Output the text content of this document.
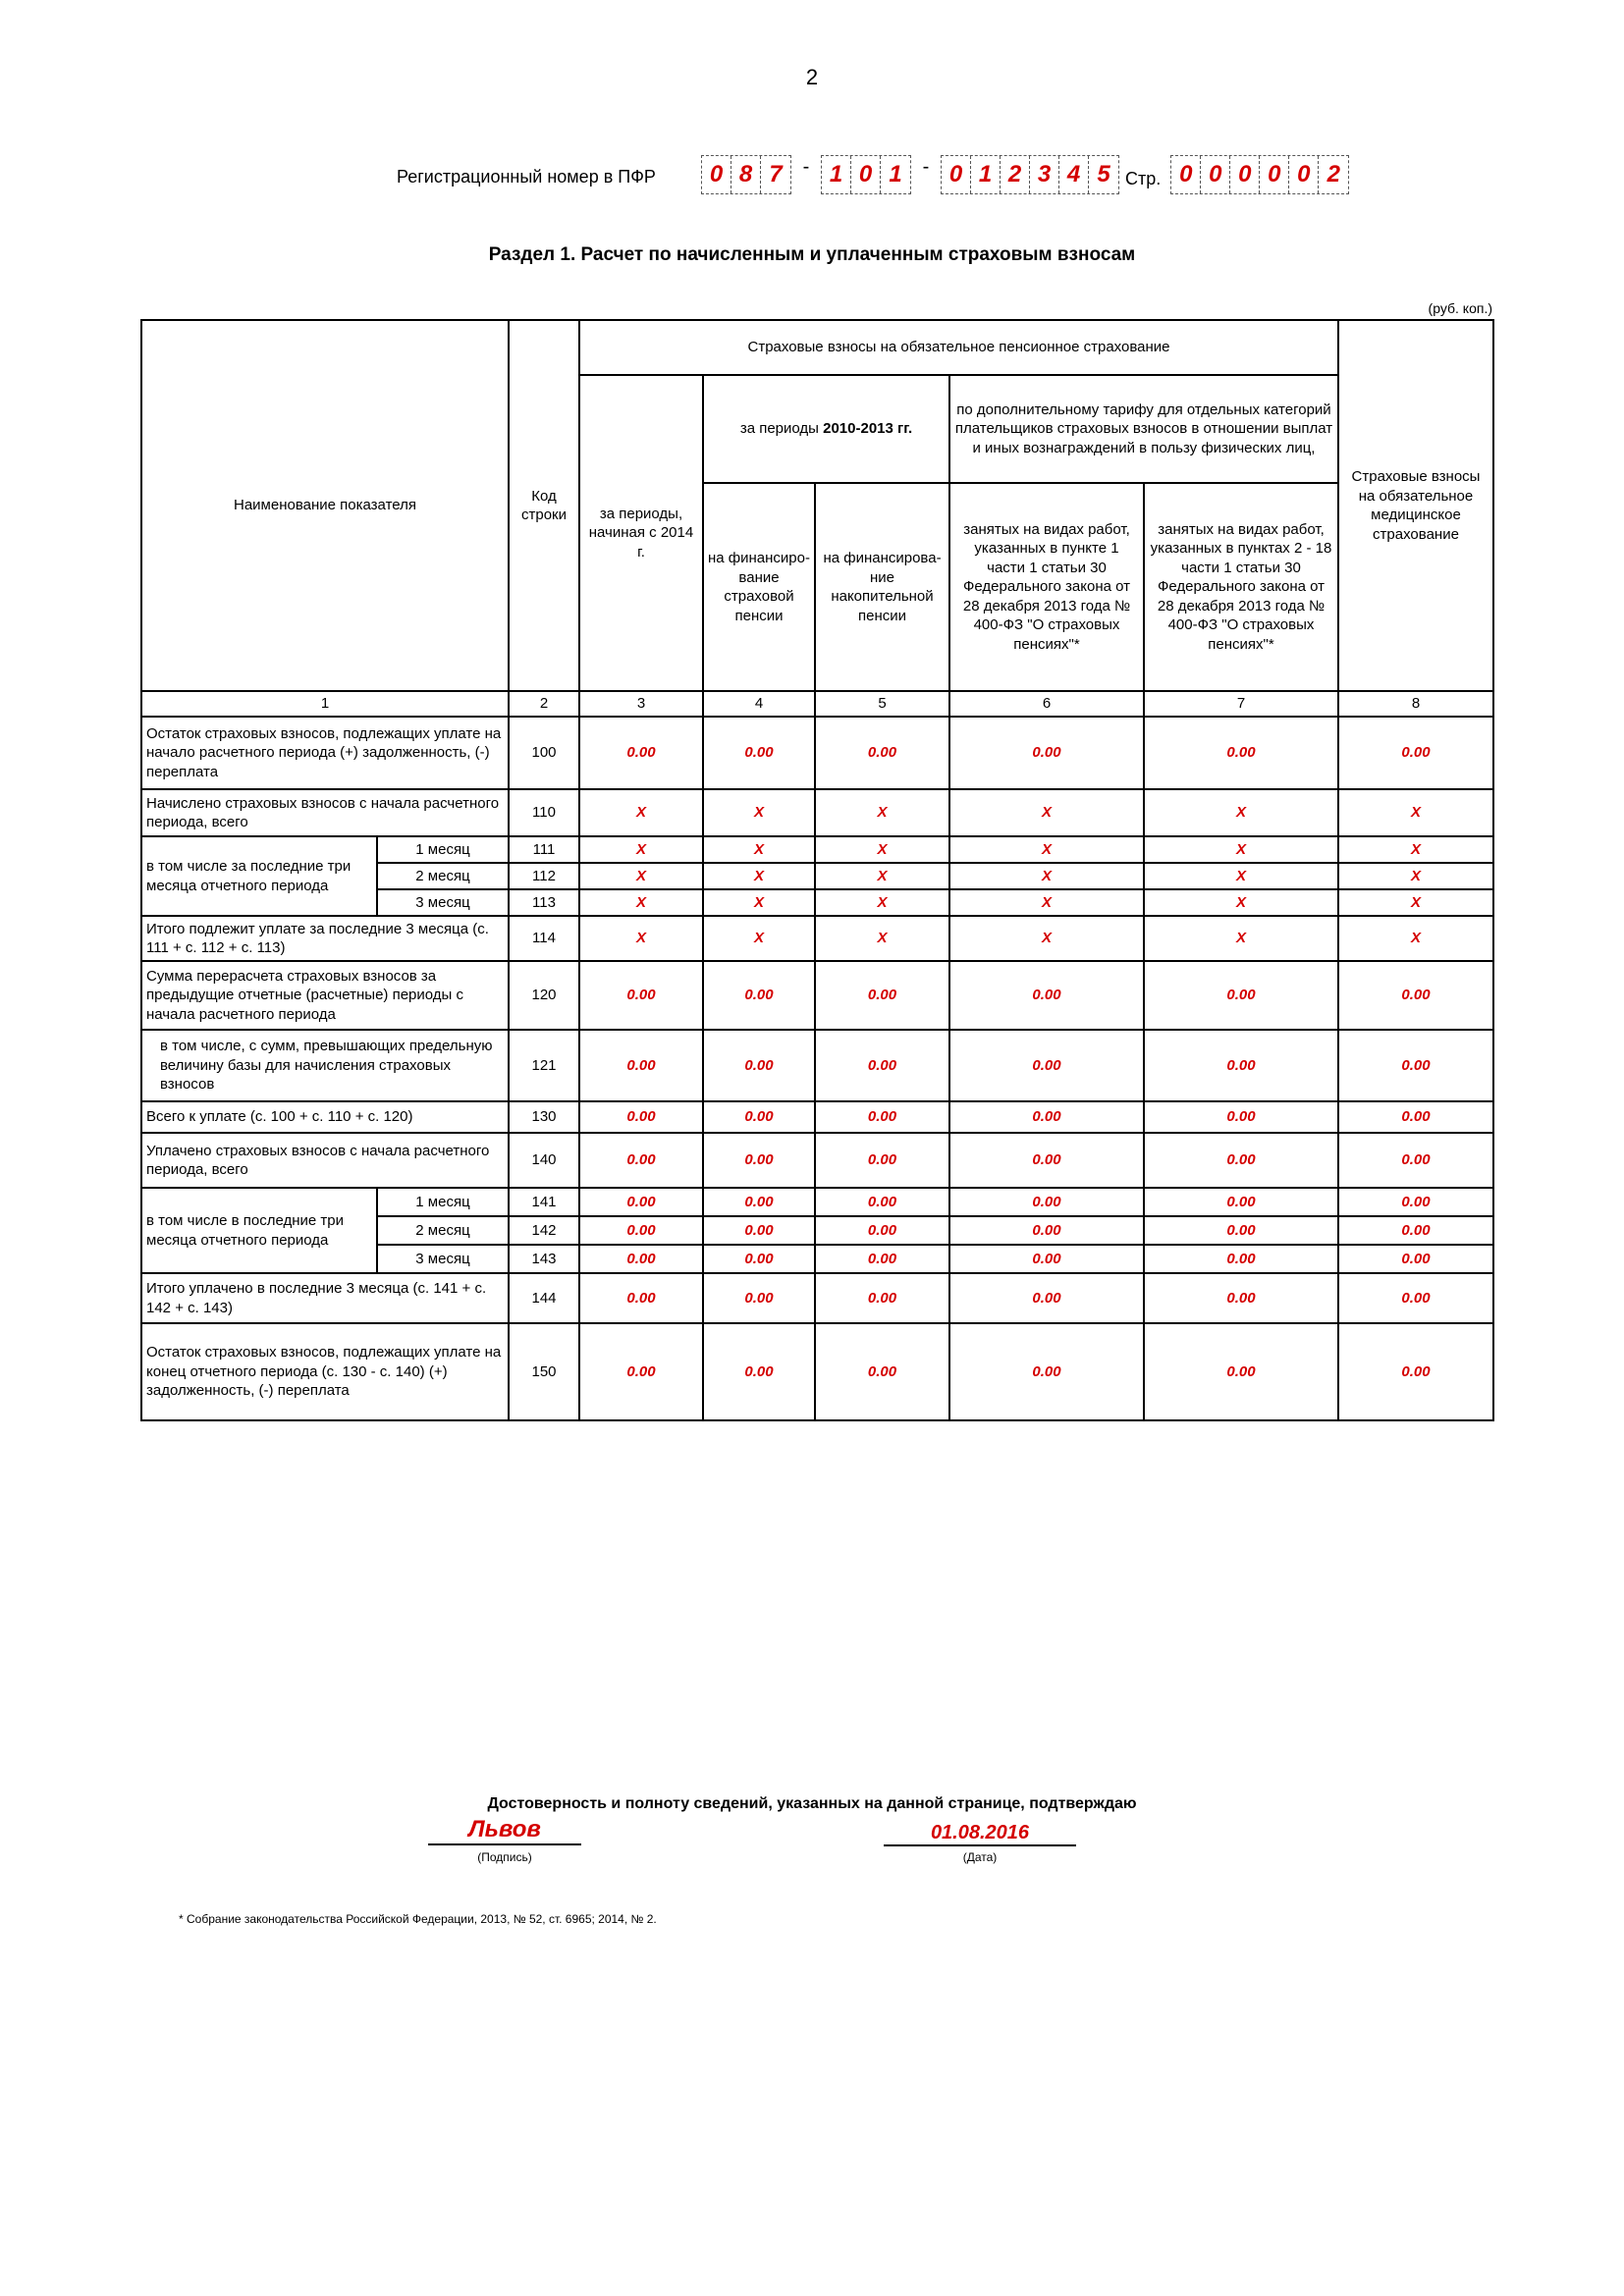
2
Регистрационный номер в ПФР	0 8 7	- 1 0 1	- 0 1 2 3 4 5 Стр. 0 0 0 0 0 2
Раздел 1. Расчет по начисленным и уплаченным страховым взносам
(руб. коп.)
Наименование показателя		Код строки	Страховые взносы на обязательное пенсионное страхование					Страховые взносы на обязательное медицинское страхование
			за периоды, начиная с 2014 г.	за периоды 2010-2013 гг.		по дополнительному тарифу для отдельных категорий плательщиков страховых взносов в отношении выплат и иных вознаграждений в пользу физических лиц,		
				на финансиро-вание страховой пенсии	на финансирова-ние накопительной пенсии	занятых на видах работ, указанных в пункте 1 части 1 статьи 30 Федерального закона от 28 декабря 2013 года № 400-ФЗ "О страховых пенсиях"*	занятых на видах работ, указанных в пунктах 2 - 18 части 1 статьи 30 Федерального закона от 28 декабря 2013 года № 400-ФЗ "О страховых пенсиях"*	
1		2	3	4	5	6	7	8
Остаток страховых взносов, подлежащих уплате на начало расчетного периода (+) задолженность, (-) переплата		100	0.00	0.00	0.00	0.00	0.00	0.00
Начислено страховых взносов с начала расчетного периода, всего		110	X	X	X	X	X	X
в том числе за последние три месяца отчетного периода	1 месяц	111	X	X	X	X	X	X
	2 месяц	112	X	X	X	X	X	X
	3 месяц	113	X	X	X	X	X	X
Итого подлежит уплате за последние 3 месяца (с. 111 + с. 112 + с. 113)		114	X	X	X	X	X	X
Сумма перерасчета страховых взносов за предыдущие отчетные (расчетные) периоды с начала расчетного периода		120	0.00	0.00	0.00	0.00	0.00	0.00
в том числе, с сумм, превышающих предельную величину базы для начисления страховых взносов		121	0.00	0.00	0.00	0.00	0.00	0.00
Всего к уплате (с. 100 + с. 110 + с. 120)		130	0.00	0.00	0.00	0.00	0.00	0.00
Уплачено страховых взносов с начала расчетного периода, всего		140	0.00	0.00	0.00	0.00	0.00	0.00
в том числе в последние три месяца отчетного периода	1 месяц	141	0.00	0.00	0.00	0.00	0.00	0.00
	2 месяц	142	0.00	0.00	0.00	0.00	0.00	0.00
	3 месяц	143	0.00	0.00	0.00	0.00	0.00	0.00
Итого уплачено в последние 3 месяца (с. 141 + с. 142 + с. 143)		144	0.00	0.00	0.00	0.00	0.00	0.00
Остаток страховых взносов, подлежащих уплате на конец отчетного периода (с. 130 - с. 140) (+) задолженность, (-) переплата		150	0.00	0.00	0.00	0.00	0.00	0.00
Достоверность и полноту сведений, указанных на данной странице, подтверждаю
Львов	01.08.2016
(Подпись)	(Дата)
* Собрание законодательства Российской Федерации, 2013, № 52, ст. 6965; 2014, № 2.
